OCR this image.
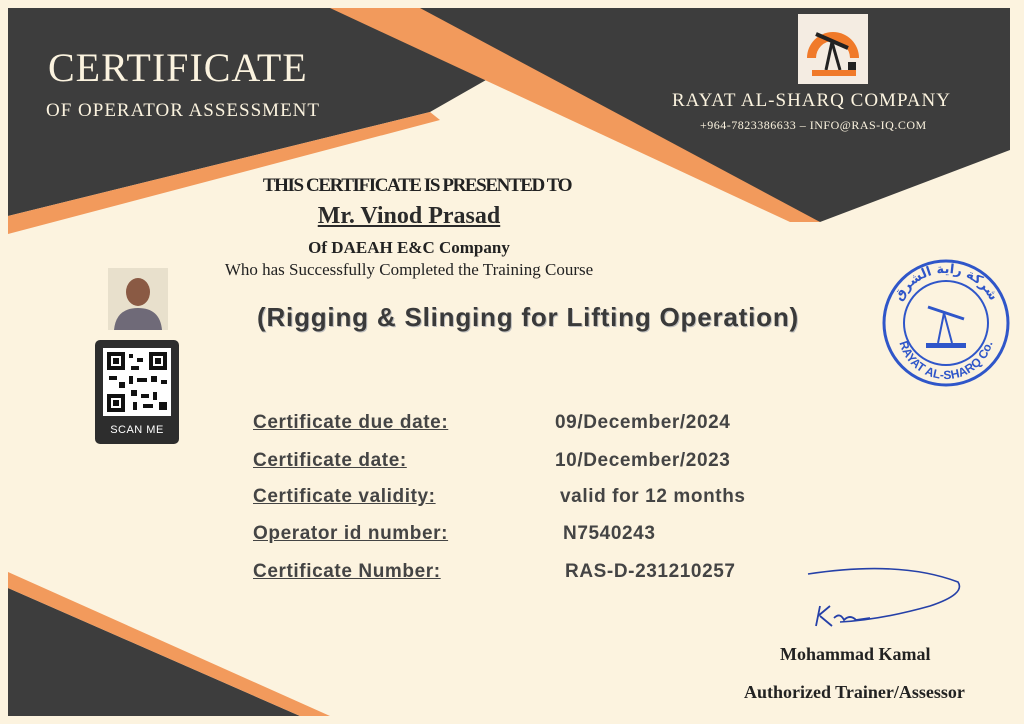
CERTIFICATE
OF OPERATOR ASSESSMENT	RAYAT AL-SHARQ COMPANY
+964-7823386633 – INFO@RAS-IQ.COM
THIS CERTIFICATE IS PRESENTED TO
Mr. Vinod Prasad
Of DAEAH E&C Company
Who has Successfully Completed the Training Course
(Rigging & Slinging for Lifting Operation)
SCAN ME	Certificate due date:	09/December/2024
Certificate date:	10/December/2023
Certificate validity:	valid for 12 months
Operator id number:	N7540243
Certificate Number:	RAS-D-231210257
شركة راية الشرق
RAYAT AL-SHARQ Co.
Mohammad Kamal
Authorized Trainer/Assessor
